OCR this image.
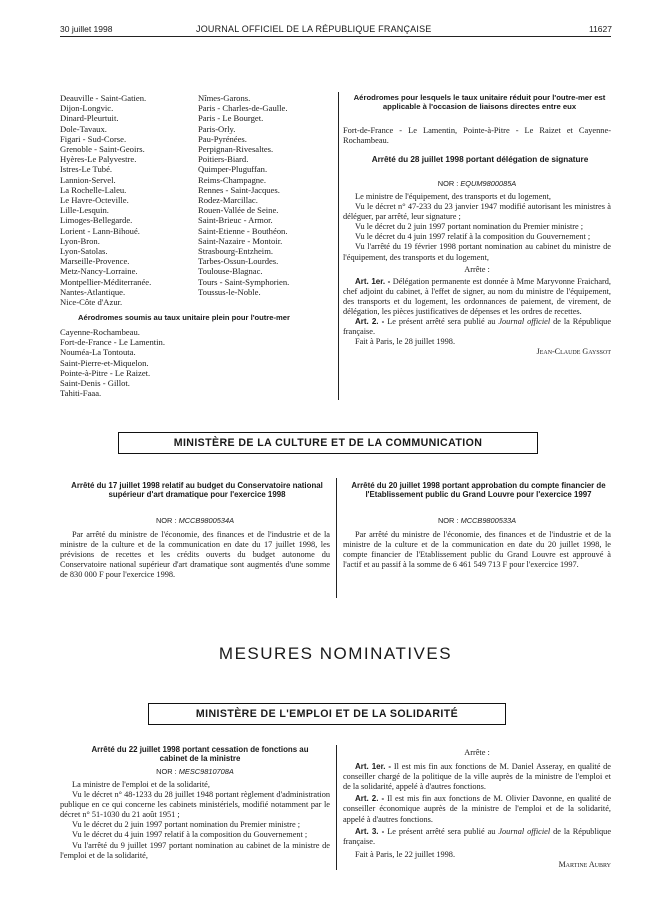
30 juillet 1998	JOURNAL OFFICIEL DE LA RÉPUBLIQUE FRANÇAISE	11627
Deauville - Saint-Gatien.
Dijon-Longvic.
Dinard-Pleurtuit.
Dole-Tavaux.
Figari - Sud-Corse.
Grenoble - Saint-Geoirs.
Hyères-Le Palyvestre.
Istres-Le Tubé.
Lannion-Servel.
La Rochelle-Laleu.
Le Havre-Octeville.
Lille-Lesquin.
Limoges-Bellegarde.
Lorient - Lann-Bihoué.
Lyon-Bron.
Lyon-Satolas.
Marseille-Provence.
Metz-Nancy-Lorraine.
Montpellier-Méditerranée.
Nantes-Atlantique.
Nice-Côte d'Azur.
Nîmes-Garons.
Paris - Charles-de-Gaulle.
Paris - Le Bourget.
Paris-Orly.
Pau-Pyrénées.
Perpignan-Rivesaltes.
Poitiers-Biard.
Quimper-Pluguffan.
Reims-Champagne.
Rennes - Saint-Jacques.
Rodez-Marcillac.
Rouen-Vallée de Seine.
Saint-Brieuc - Armor.
Saint-Etienne - Bouthéon.
Saint-Nazaire - Montoir.
Strasbourg-Entzheim.
Tarbes-Ossun-Lourdes.
Toulouse-Blagnac.
Tours - Saint-Symphorien.
Toussus-le-Noble.
Aérodromes soumis au taux unitaire plein pour l'outre-mer
Cayenne-Rochambeau.
Fort-de-France - Le Lamentin.
Nouméa-La Tontouta.
Saint-Pierre-et-Miquelon.
Pointe-à-Pitre - Le Raizet.
Saint-Denis - Gillot.
Tahiti-Faaa.
Aérodromes pour lesquels le taux unitaire réduit pour l'outre-mer est applicable à l'occasion de liaisons directes entre eux
Fort-de-France - Le Lamentin, Pointe-à-Pitre - Le Raizet et Cayenne-Rochambeau.
Arrêté du 28 juillet 1998 portant délégation de signature
NOR : EQUM9800085A
Le ministre de l'équipement, des transports et du logement,
Vu le décret n° 47-233 du 23 janvier 1947 modifié autorisant les ministres à déléguer, par arrêté, leur signature ;
Vu le décret du 2 juin 1997 portant nomination du Premier ministre ;
Vu le décret du 4 juin 1997 relatif à la composition du Gouvernement ;
Vu l'arrêté du 19 février 1998 portant nomination au cabinet du ministre de l'équipement, des transports et du logement,
Arrête :
Art. 1er. - Délégation permanente est donnée à Mme Maryvonne Fraichard, chef adjoint du cabinet, à l'effet de signer, au nom du ministre de l'équipement, des transports et du logement, les ordonnances de paiement, de virement, de délégation, les pièces justificatives de dépenses et les ordres de recettes.
Art. 2. - Le présent arrêté sera publié au Journal officiel de la République française.
Fait à Paris, le 28 juillet 1998.
Jean-Claude Gayssot
MINISTÈRE DE LA CULTURE ET DE LA COMMUNICATION
Arrêté du 17 juillet 1998 relatif au budget du Conservatoire national supérieur d'art dramatique pour l'exercice 1998
NOR : MCCB9800534A
Par arrêté du ministre de l'économie, des finances et de l'industrie et de la ministre de la culture et de la communication en date du 17 juillet 1998, les prévisions de recettes et les crédits ouverts du budget autonome du Conservatoire national supérieur d'art dramatique sont augmentés d'une somme de 830 000 F pour l'exercice 1998.
Arrêté du 20 juillet 1998 portant approbation du compte financier de l'Etablissement public du Grand Louvre pour l'exercice 1997
NOR : MCCB9800533A
Par arrêté du ministre de l'économie, des finances et de l'industrie et de la ministre de la culture et de la communication en date du 20 juillet 1998, le compte financier de l'Etablissement public du Grand Louvre est approuvé à l'actif et au passif à la somme de 6 461 549 713 F pour l'exercice 1997.
MESURES NOMINATIVES
MINISTÈRE DE L'EMPLOI ET DE LA SOLIDARITÉ
Arrêté du 22 juillet 1998 portant cessation de fonctions au cabinet de la ministre
NOR : MESC9810708A
La ministre de l'emploi et de la solidarité,
Vu le décret n° 48-1233 du 28 juillet 1948 portant règlement d'administration publique en ce qui concerne les cabinets ministériels, modifié notamment par le décret n° 51-1030 du 21 août 1951 ;
Vu le décret du 2 juin 1997 portant nomination du Premier ministre ;
Vu le décret du 4 juin 1997 relatif à la composition du Gouvernement ;
Vu l'arrêté du 9 juillet 1997 portant nomination au cabinet de la ministre de l'emploi et de la solidarité,
Arrête :
Art. 1er. - Il est mis fin aux fonctions de M. Daniel Asseray, en qualité de conseiller chargé de la politique de la ville auprès de la ministre de l'emploi et de la solidarité, appelé à d'autres fonctions.
Art. 2. - Il est mis fin aux fonctions de M. Olivier Davonne, en qualité de conseiller économique auprès de la ministre de l'emploi et de la solidarité, appelé à d'autres fonctions.
Art. 3. - Le présent arrêté sera publié au Journal officiel de la République française.
Fait à Paris, le 22 juillet 1998.
Martine Aubry
